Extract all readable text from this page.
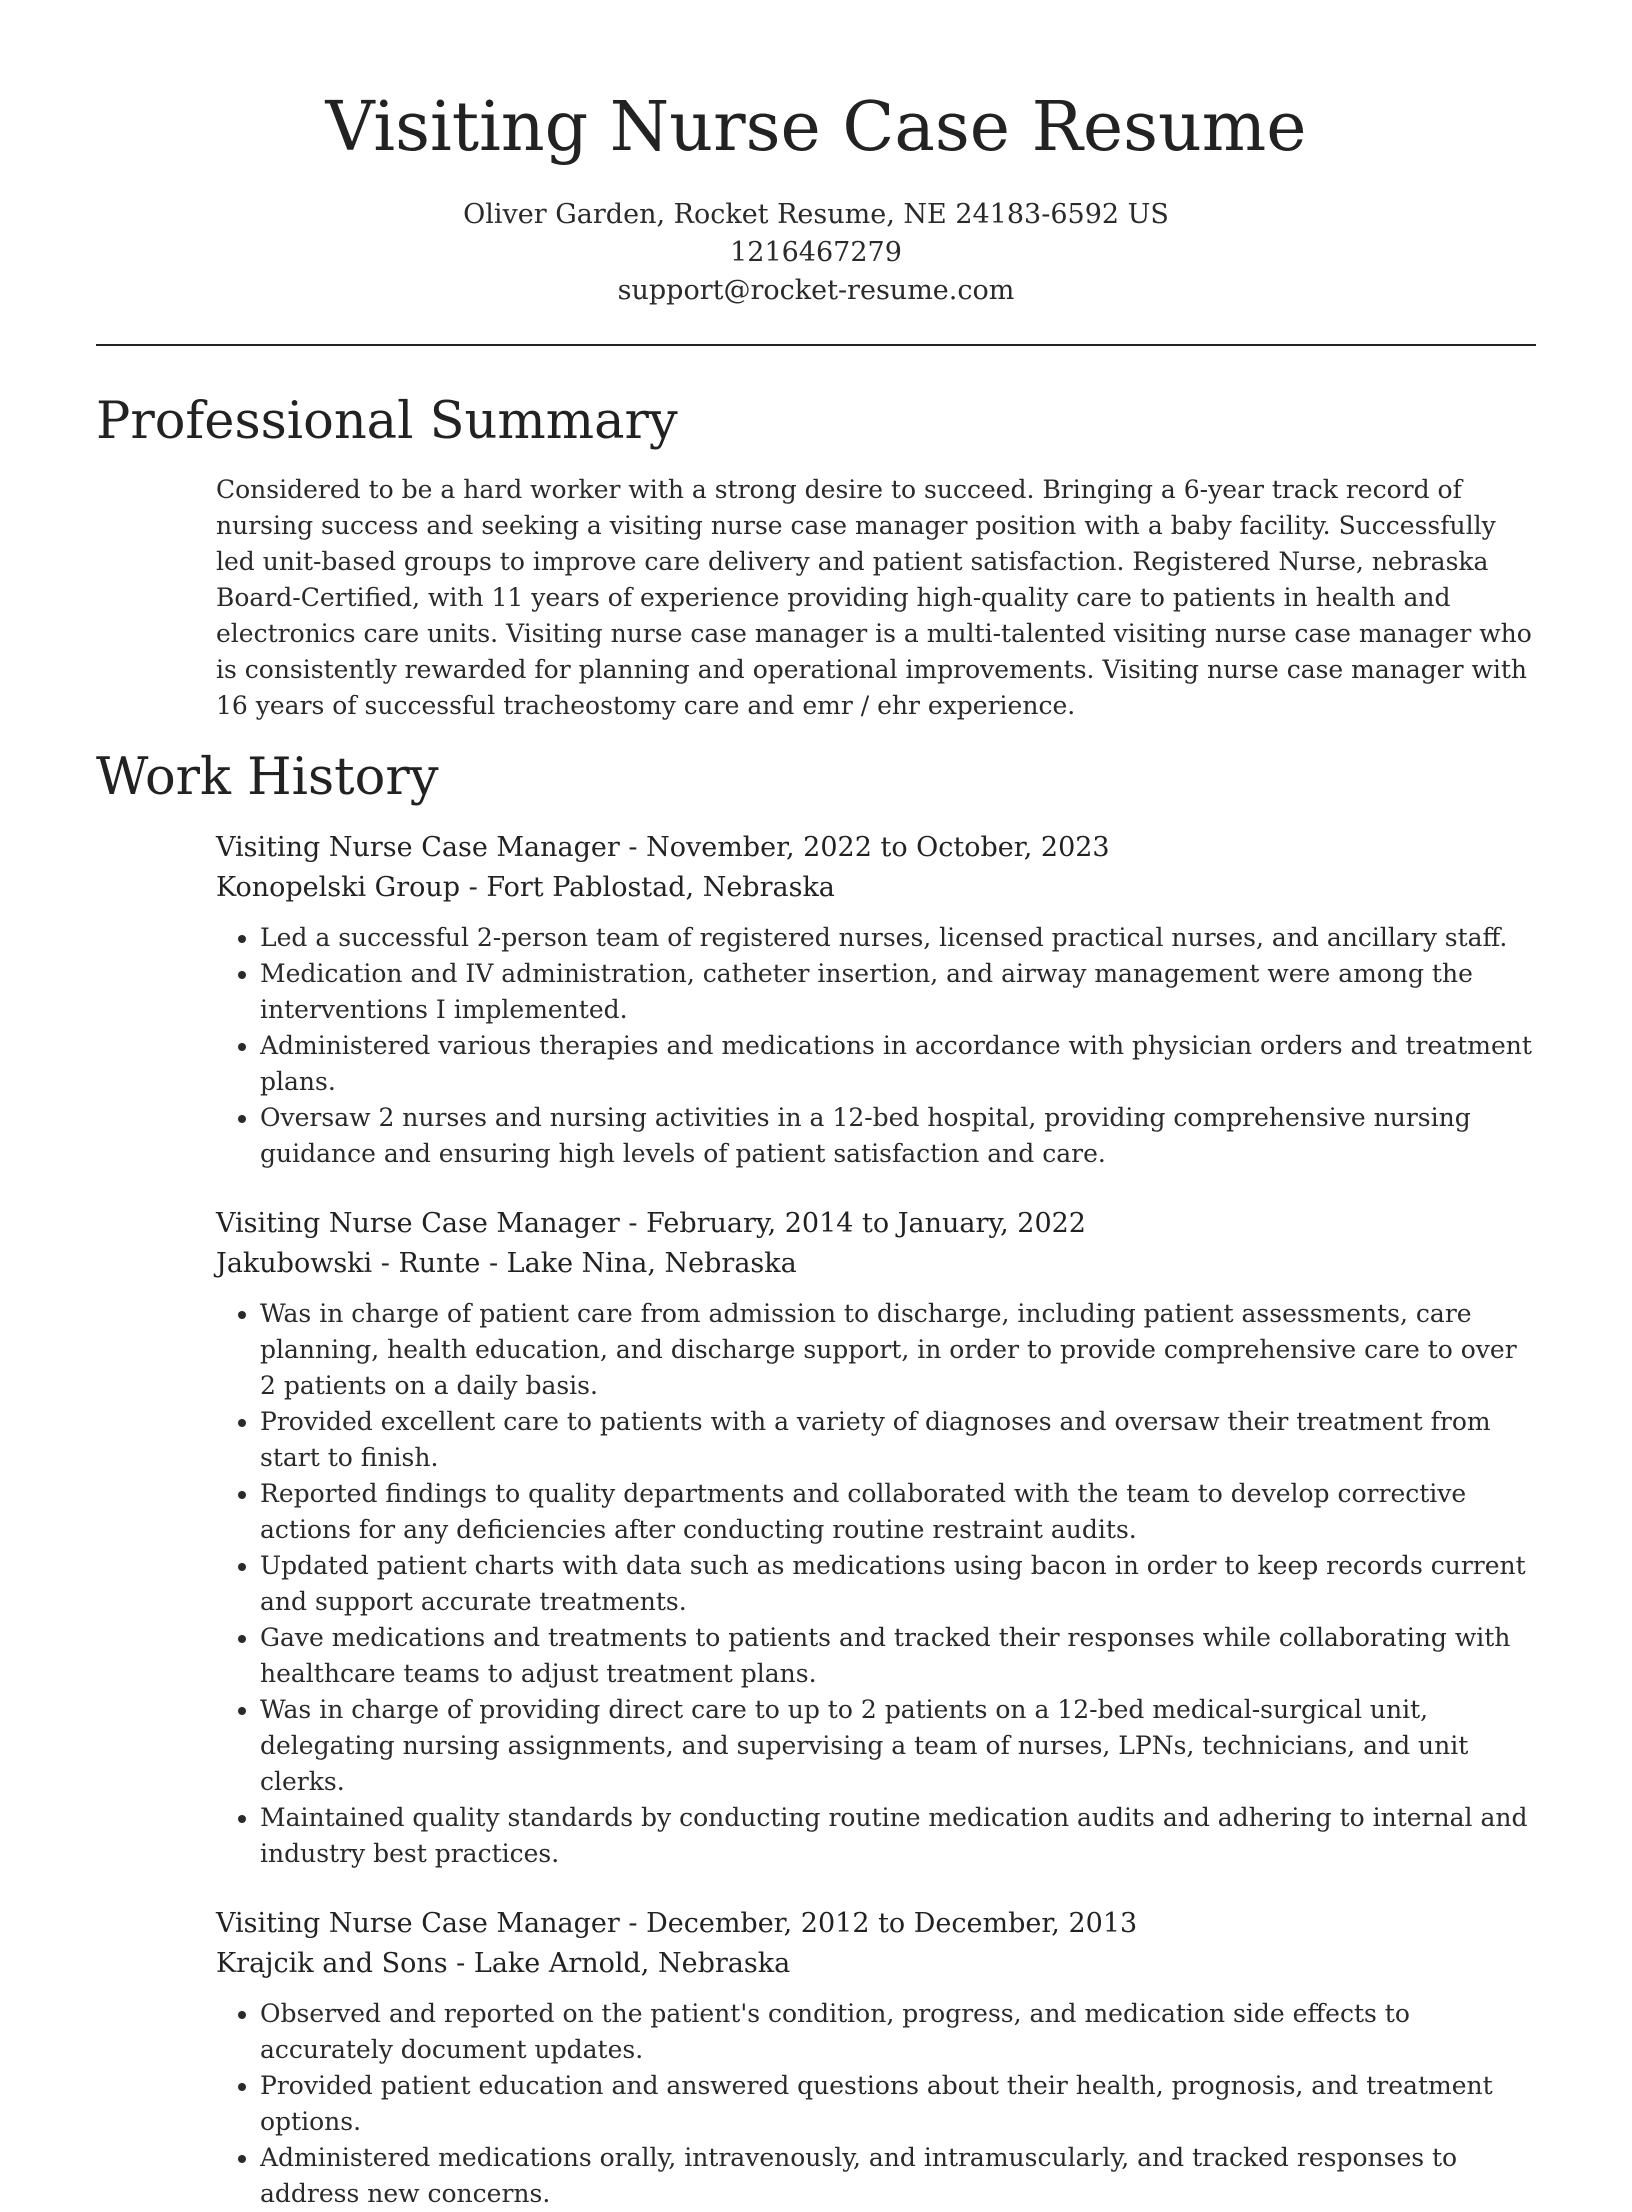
Visiting Nurse Case Resume
Oliver Garden, Rocket Resume, NE 24183-6592 US
1216467279
support@rocket-resume.com
Professional Summary

Considered to be a hard worker with a strong desire to succeed. Bringing a 6-year track record of nursing success and seeking a visiting nurse case manager position with a baby facility. Successfully led unit-based groups to improve care delivery and patient satisfaction. Registered Nurse, nebraska Board-Certified, with 11 years of experience providing high-quality care to patients in health and electronics care units. Visiting nurse case manager is a multi-talented visiting nurse case manager who is consistently rewarded for planning and operational improvements. Visiting nurse case manager with 16 years of successful tracheostomy care and emr / ehr experience.

Work History
Visiting Nurse Case Manager - November, 2022 to October, 2023
Konopelski Group - Fort Pablostad, Nebraska
• Led a successful 2-person team of registered nurses, licensed practical nurses, and ancillary staff.
• Medication and IV administration, catheter insertion, and airway management were among the interventions I implemented.
• Administered various therapies and medications in accordance with physician orders and treatment plans.
• Oversaw 2 nurses and nursing activities in a 12-bed hospital, providing comprehensive nursing guidance and ensuring high levels of patient satisfaction and care.
Visiting Nurse Case Manager - February, 2014 to January, 2022
Jakubowski - Runte - Lake Nina, Nebraska
• Was in charge of patient care from admission to discharge, including patient assessments, care planning, health education, and discharge support, in order to provide comprehensive care to over 2 patients on a daily basis.
• Provided excellent care to patients with a variety of diagnoses and oversaw their treatment from start to finish.
• Reported findings to quality departments and collaborated with the team to develop corrective actions for any deficiencies after conducting routine restraint audits.
• Updated patient charts with data such as medications using bacon in order to keep records current and support accurate treatments.
• Gave medications and treatments to patients and tracked their responses while collaborating with healthcare teams to adjust treatment plans.
• Was in charge of providing direct care to up to 2 patients on a 12-bed medical-surgical unit, delegating nursing assignments, and supervising a team of nurses, LPNs, technicians, and unit clerks.
• Maintained quality standards by conducting routine medication audits and adhering to internal and industry best practices.
Visiting Nurse Case Manager - December, 2012 to December, 2013
Krajcik and Sons - Lake Arnold, Nebraska
• Observed and reported on the patient's condition, progress, and medication side effects to accurately document updates.
• Provided patient education and answered questions about their health, prognosis, and treatment options.
• Administered medications orally, intravenously, and intramuscularly, and tracked responses to address new concerns.
